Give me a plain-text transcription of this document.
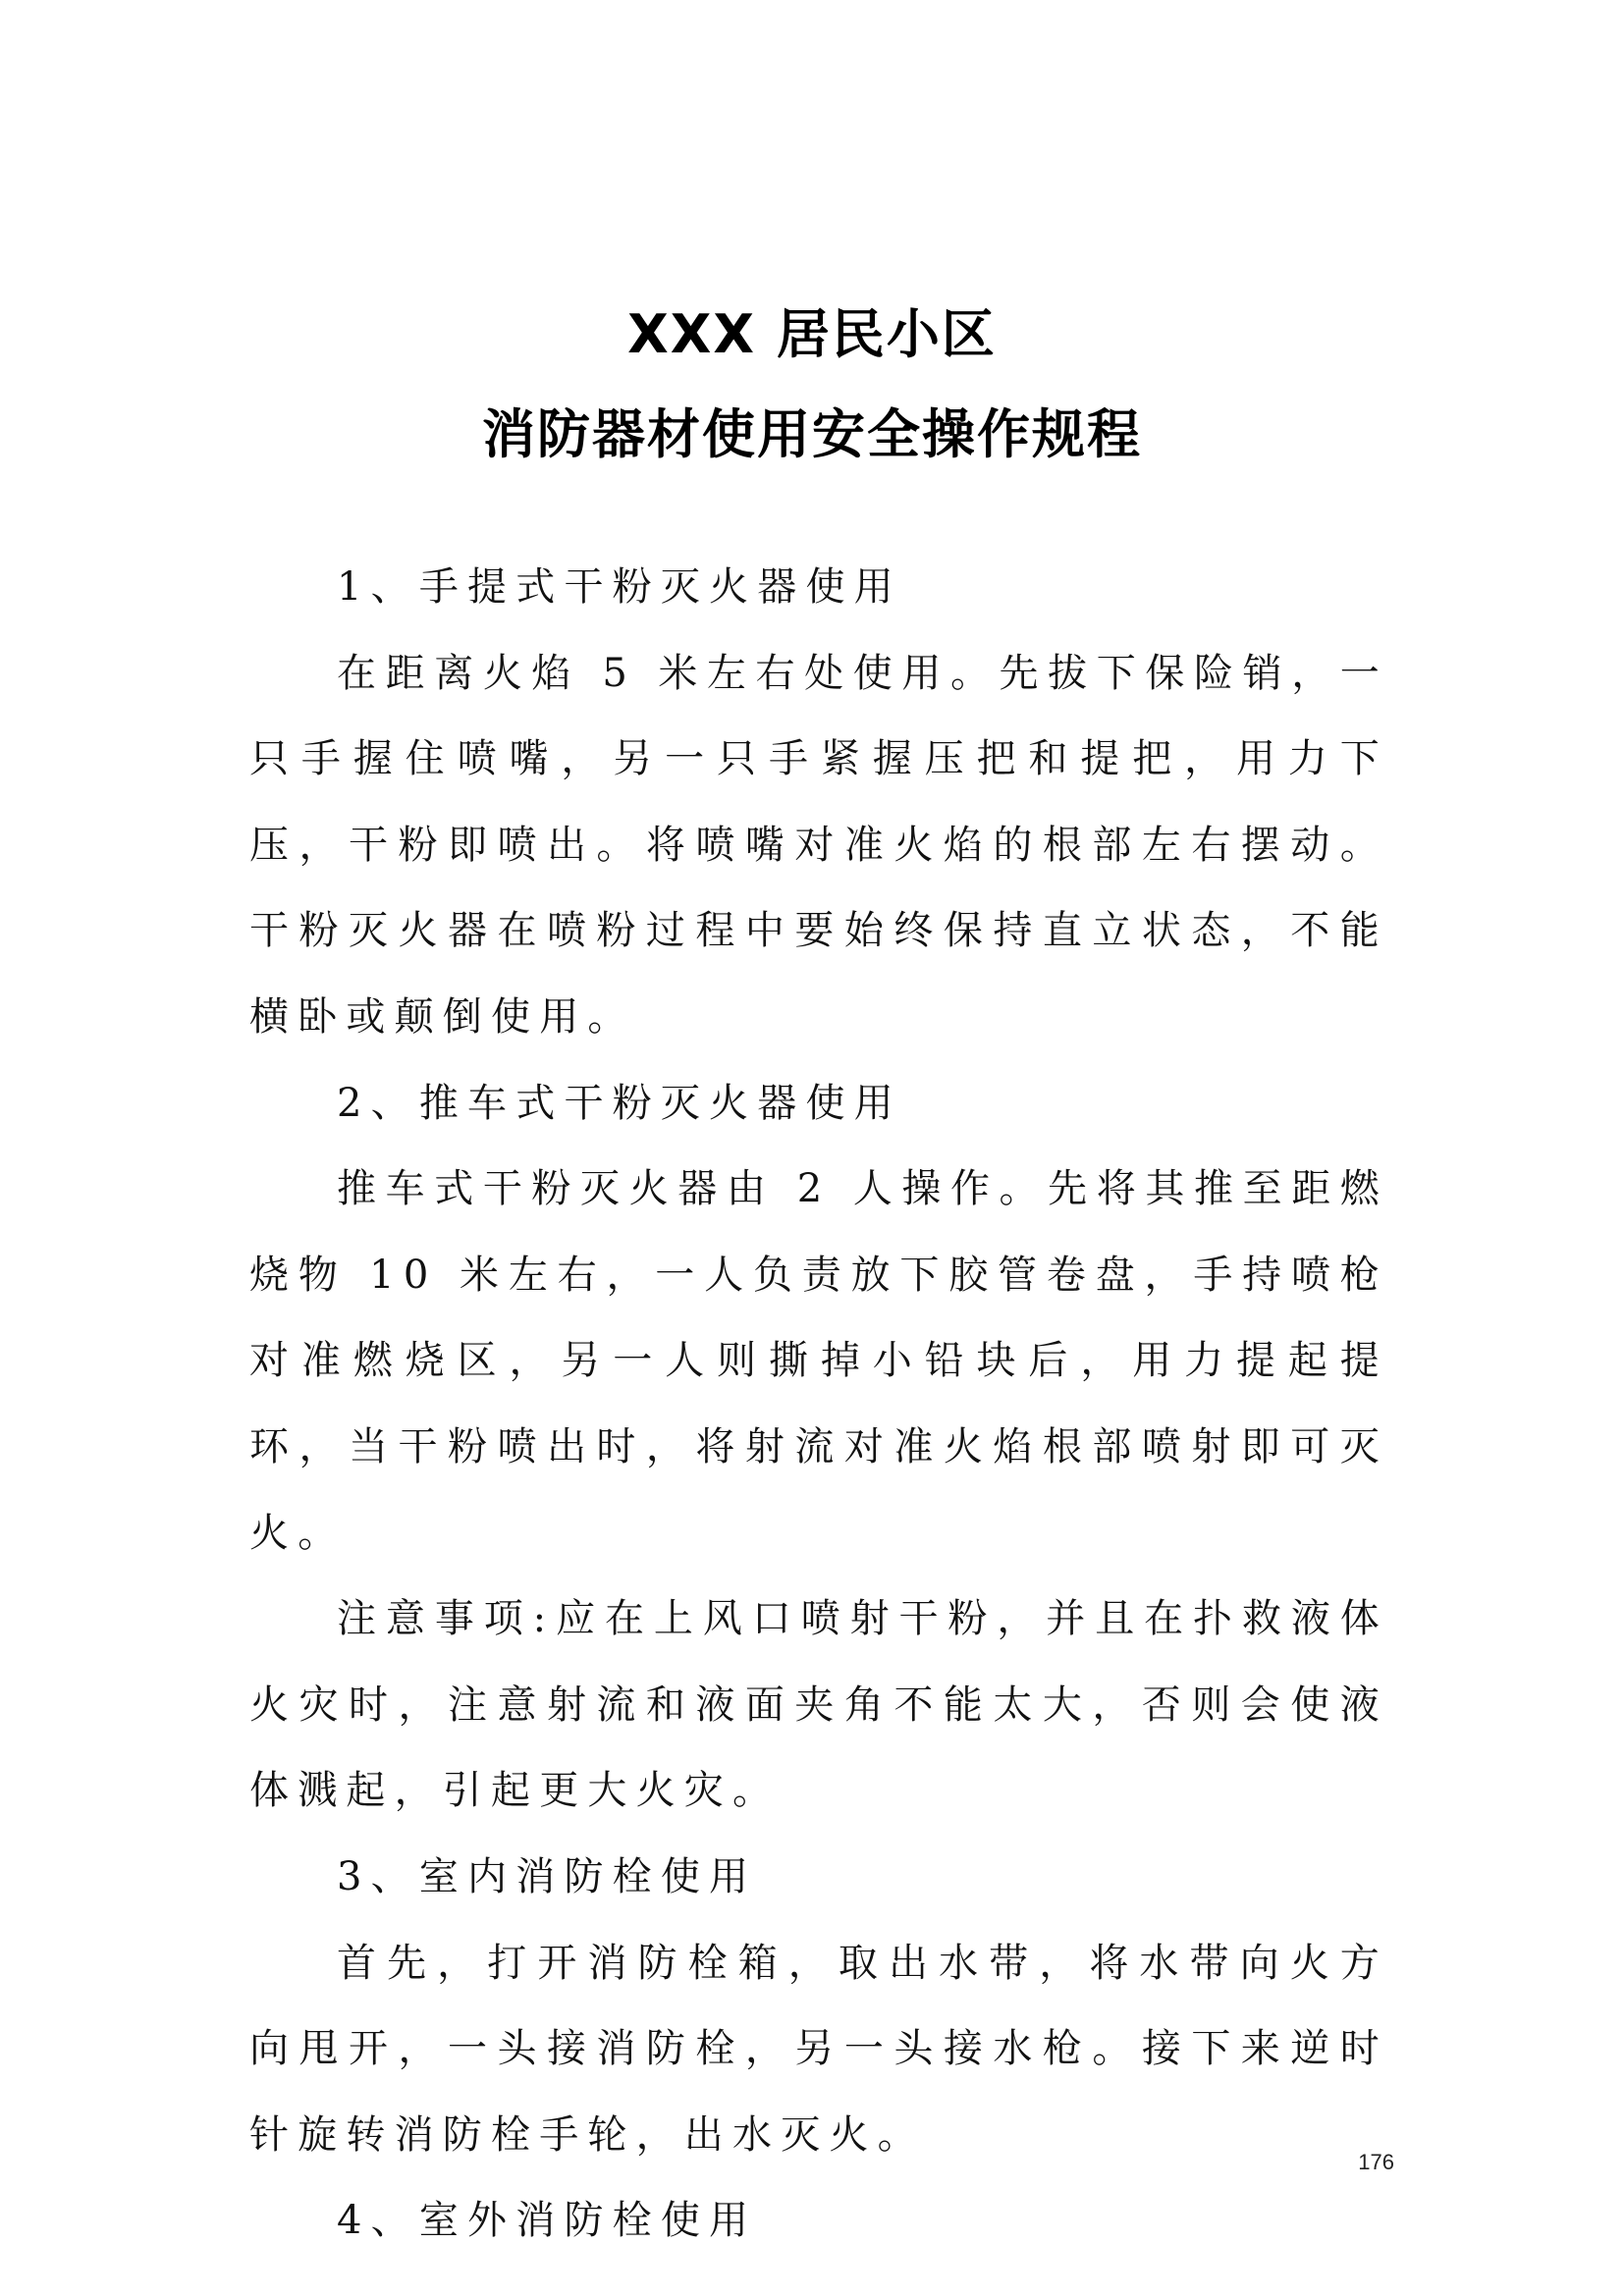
XXX 居民小区
消防器材使用安全操作规程

1、手提式干粉灭火器使用

在距离火焰 5 米左右处使用。先拔下保险销，一只手握住喷嘴，另一只手紧握压把和提把，用力下压，干粉即喷出。将喷嘴对准火焰的根部左右摆动。干粉灭火器在喷粉过程中要始终保持直立状态，不能横卧或颠倒使用。

2、推车式干粉灭火器使用

推车式干粉灭火器由 2 人操作。先将其推至距燃烧物 10 米左右，一人负责放下胶管卷盘，手持喷枪对准燃烧区，另一人则撕掉小铅块后，用力提起提环，当干粉喷出时，将射流对准火焰根部喷射即可灭火。

注意事项:应在上风口喷射干粉，并且在扑救液体火灾时，注意射流和液面夹角不能太大，否则会使液体溅起，引起更大火灾。

3、室内消防栓使用

首先，打开消防栓箱，取出水带，将水带向火方向甩开，一头接消防栓，另一头接水枪。接下来逆时针旋转消防栓手轮，出水灭火。

4、室外消防栓使用

176
